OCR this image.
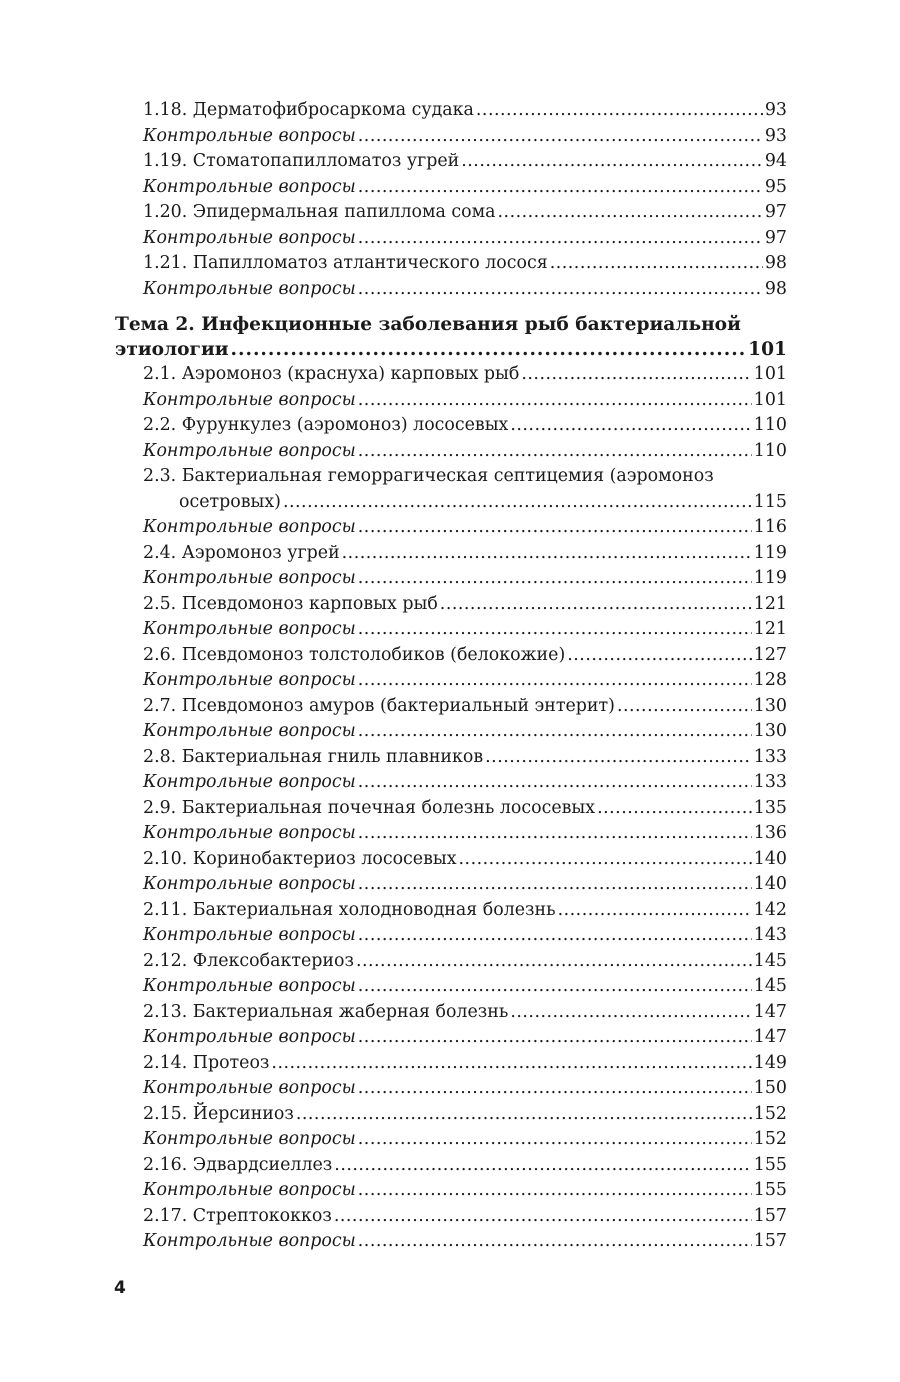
1.18. Дерматофибросаркома судака .....	93
Контрольные вопросы .....	93
1.19. Стоматопапилломатоз угрей .....	94
Контрольные вопросы .....	95
1.20. Эпидермальная папиллома сома .....	97
Контрольные вопросы .....	97
1.21. Папилломатоз атлантического лосося .....	98
Контрольные вопросы .....	98
Тема 2. Инфекционные заболевания рыб бактериальной
этиологии .....	101
2.1. Аэромоноз (краснуха) карповых рыб .....	101
Контрольные вопросы .....	101
2.2. Фурункулез (аэромоноз) лососевых .....	110
Контрольные вопросы .....	110
2.3. Бактериальная геморрагическая септицемия (аэромоноз
осетровых) .....	115
Контрольные вопросы .....	116
2.4. Аэромоноз угрей .....	119
Контрольные вопросы .....	119
2.5. Псевдомоноз карповых рыб .....	121
Контрольные вопросы .....	121
2.6. Псевдомоноз толстолобиков (белокожие) .....	127
Контрольные вопросы .....	128
2.7. Псевдомоноз амуров (бактериальный энтерит) .....	130
Контрольные вопросы .....	130
2.8. Бактериальная гниль плавников .....	133
Контрольные вопросы .....	133
2.9. Бактериальная почечная болезнь лососевых .....	135
Контрольные вопросы .....	136
2.10. Коринобактериоз лососевых .....	140
Контрольные вопросы .....	140
2.11. Бактериальная холодноводная болезнь .....	142
Контрольные вопросы .....	143
2.12. Флексобактериоз .....	145
Контрольные вопросы .....	145
2.13. Бактериальная жаберная болезнь .....	147
Контрольные вопросы .....	147
2.14. Протеоз .....	149
Контрольные вопросы .....	150
2.15. Йерсиниоз .....	152
Контрольные вопросы .....	152
2.16. Эдвардсиеллез .....	155
Контрольные вопросы .....	155
2.17. Стрептококкоз .....	157
Контрольные вопросы .....	157
4
